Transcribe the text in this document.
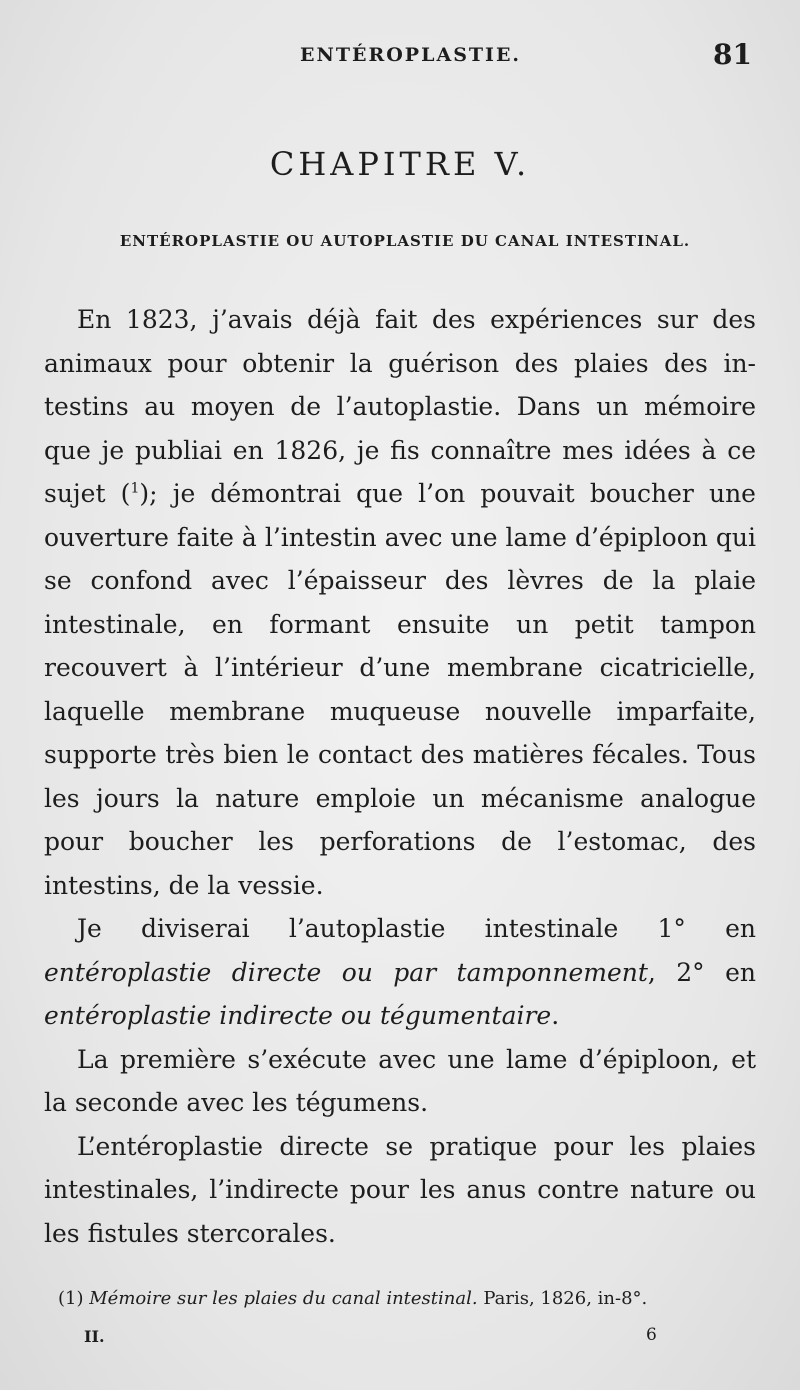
ENTÉROPLASTIE.	81
CHAPITRE V.
ENTÉROPLASTIE OU AUTOPLASTIE DU CANAL INTESTINAL.

En 1823, j’avais déjà fait des expériences sur des animaux pour obtenir la guérison des plaies des intestins au moyen de l’autoplastie. Dans un mémoire que je publiai en 1826, je fis connaître mes idées à ce sujet ($^1$); je démontrai que l’on pouvait boucher une ouverture faite à l’intestin avec une lame d’épiploon qui se confond avec l’épaisseur des lèvres de la plaie intestinale, en formant ensuite un petit tampon recouvert à l’intérieur d’une membrane cicatricielle, laquelle membrane muqueuse nouvelle imparfaite, supporte très bien le contact des matières fécales. Tous les jours la nature emploie un mécanisme analogue pour boucher les perforations de l’estomac, des intestins, de la vessie.

Je diviserai l’autoplastie intestinale 1° en entéroplastie directe ou par tamponnement, 2° en entéroplastie indirecte ou tégumentaire.

La première s’exécute avec une lame d’épiploon, et la seconde avec les tégumens.

L’entéroplastie directe se pratique pour les plaies intestinales, l’indirecte pour les anus contre nature ou les fistules stercorales.

(1) Mémoire sur les plaies du canal intestinal. Paris, 1826, in-8°.
II.	6
